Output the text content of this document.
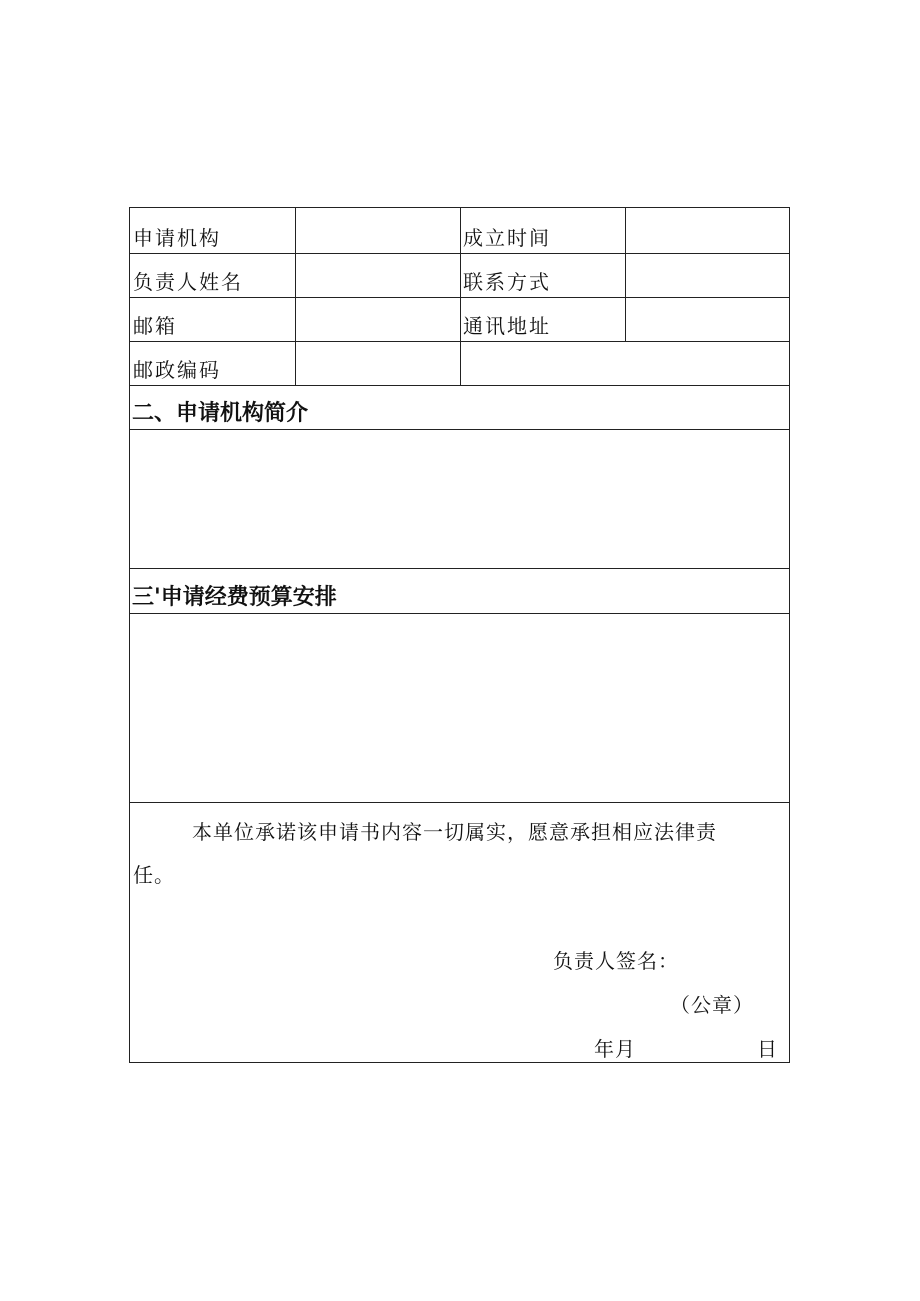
申请机构	成立时间
负责人姓名	联系方式
邮箱	通讯地址
邮政编码
二、申请机构简介
三'申请经费预算安排
本单位承诺该申请书内容一切属实，愿意承担相应法律责
任。
负责人签名：
（公章）
年月	日
